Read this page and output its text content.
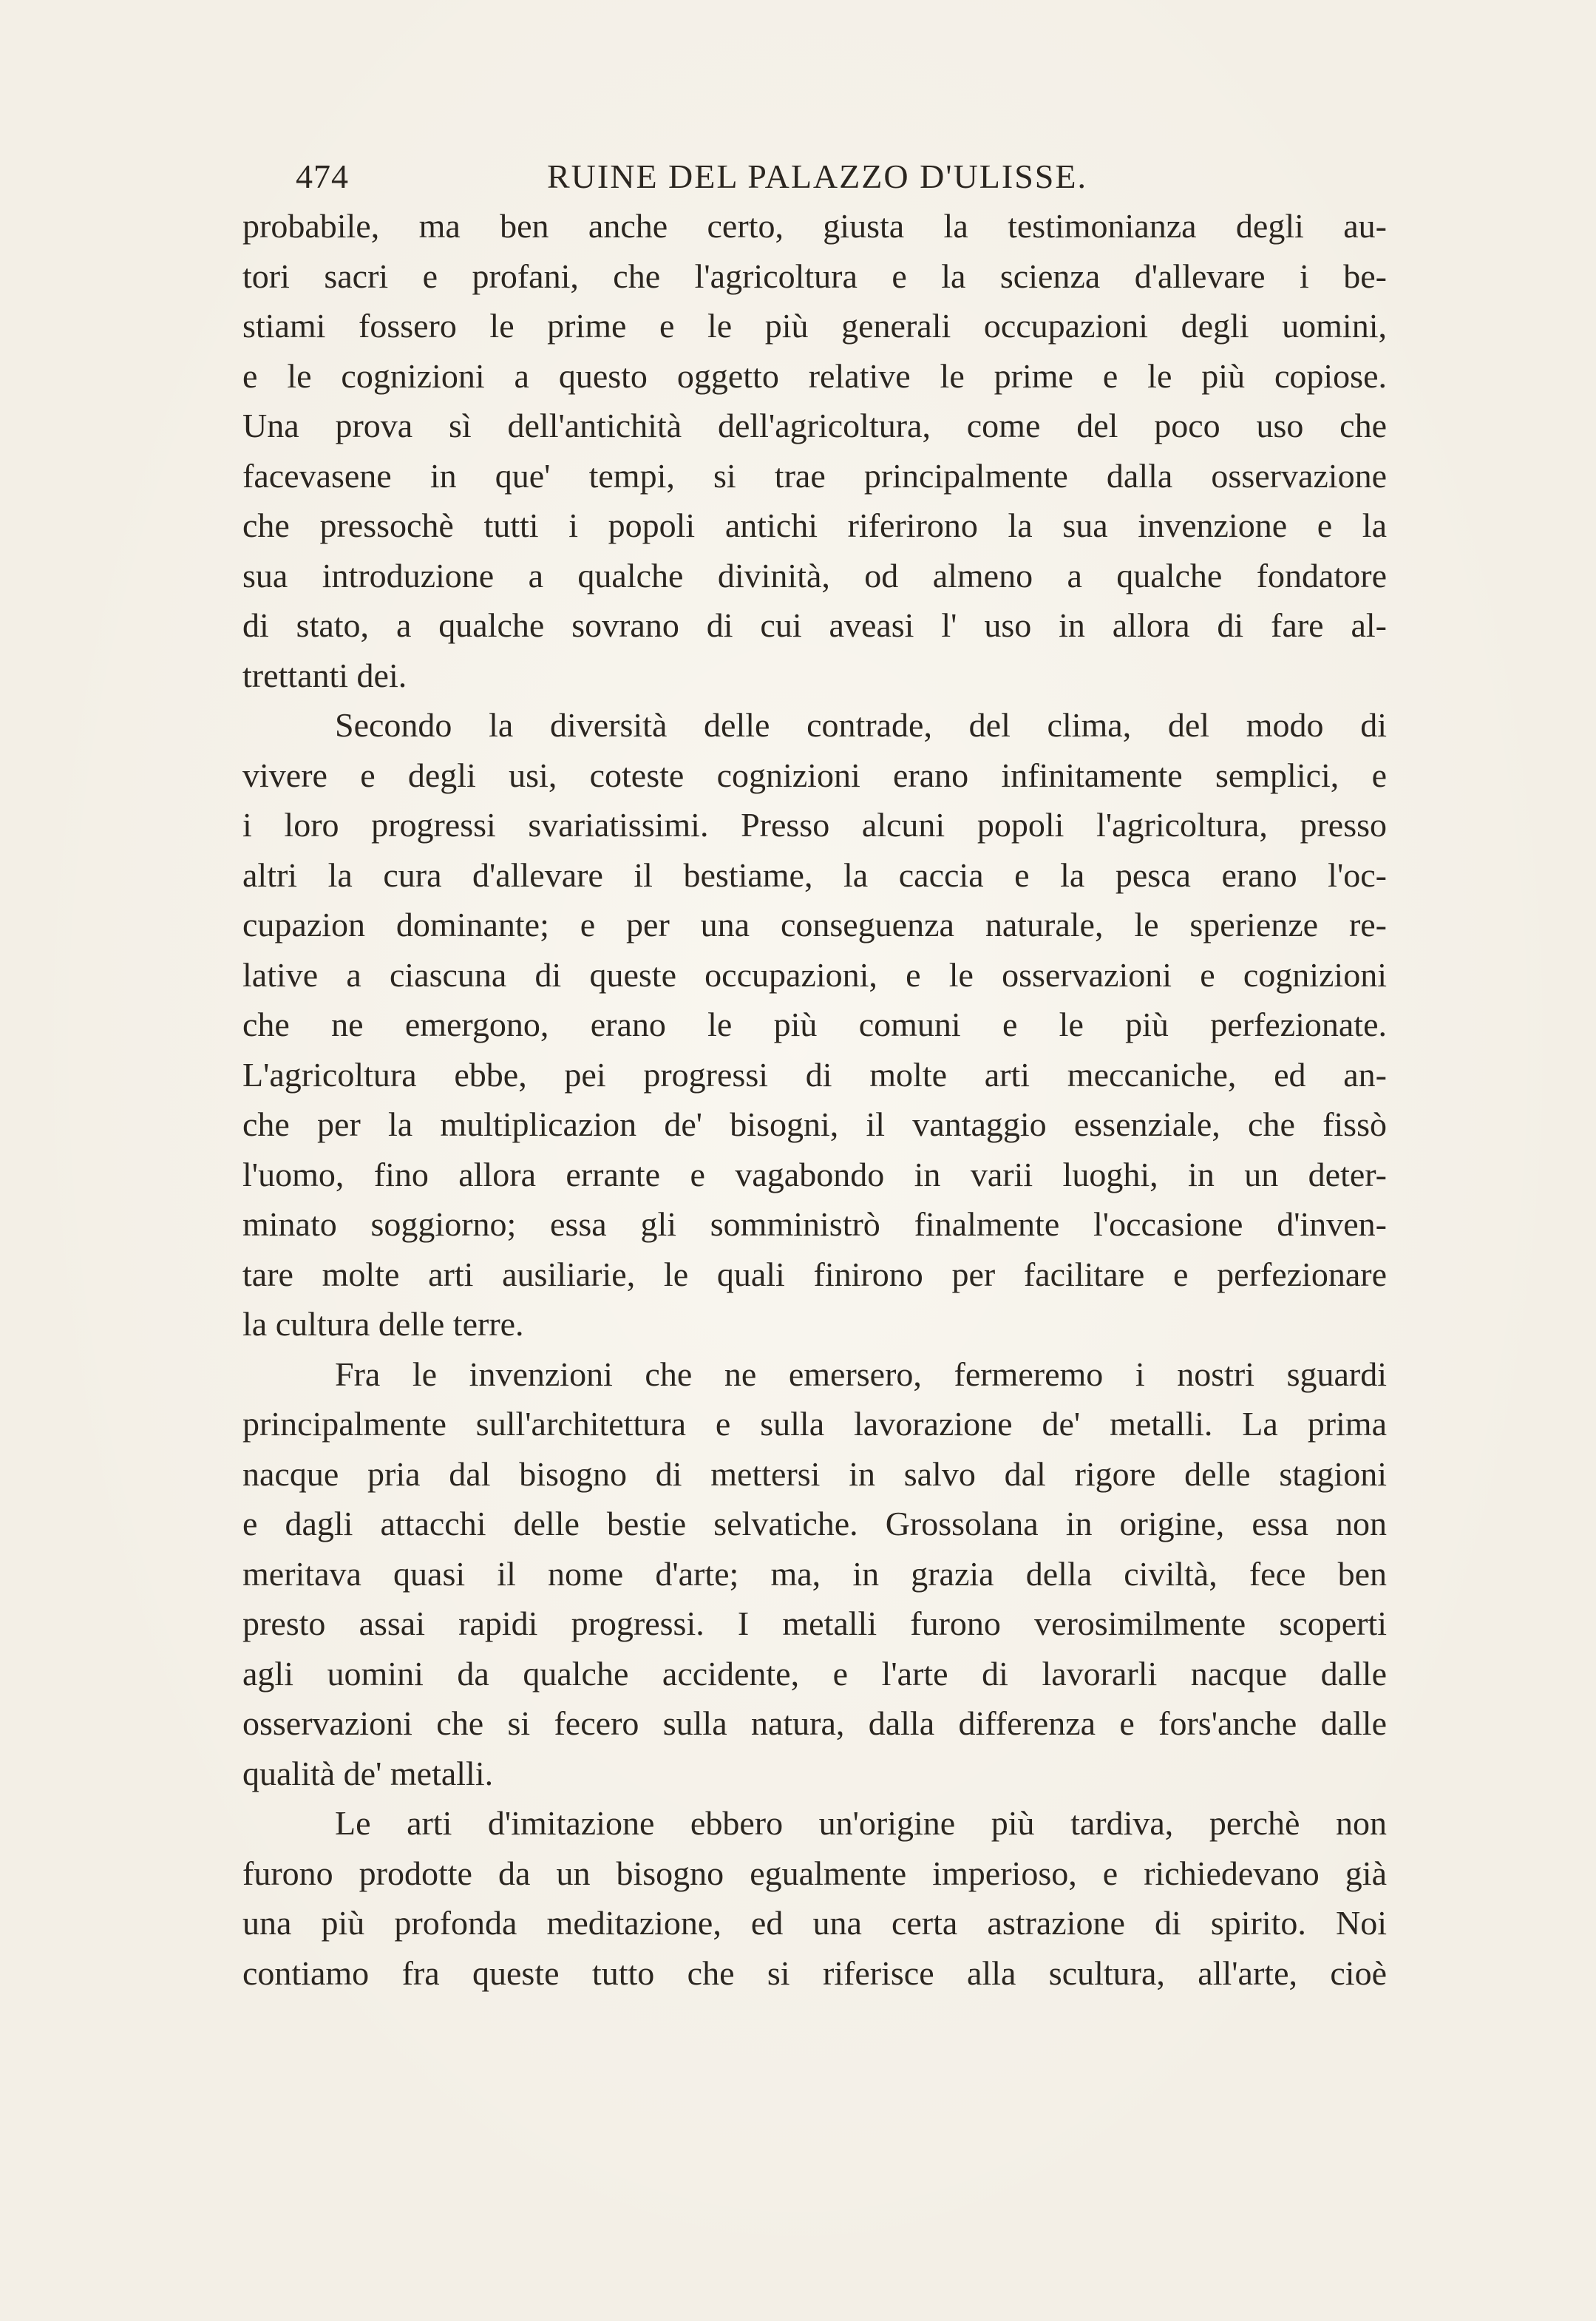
474	RUINE DEL PALAZZO D'ULISSE.
probabile, ma ben anche certo, giusta la testimonianza degli au-
tori sacri e profani, che l'agricoltura e la scienza d'allevare i be-
stiami fossero le prime e le più generali occupazioni degli uomini,
e le cognizioni a questo oggetto relative le prime e le più copiose.
Una prova sì dell'antichità dell'agricoltura, come del poco uso che
facevasene in que' tempi, si trae principalmente dalla osservazione
che pressochè tutti i popoli antichi riferirono la sua invenzione e la
sua introduzione a qualche divinità, od almeno a qualche fondatore
di stato, a qualche sovrano di cui aveasi l' uso in allora di fare al-
trettanti dei.
Secondo la diversità delle contrade, del clima, del modo di
vivere e degli usi, coteste cognizioni erano infinitamente semplici, e
i loro progressi svariatissimi. Presso alcuni popoli l'agricoltura, presso
altri la cura d'allevare il bestiame, la caccia e la pesca erano l'oc-
cupazion dominante; e per una conseguenza naturale, le sperienze re-
lative a ciascuna di queste occupazioni, e le osservazioni e cognizioni
che ne emergono, erano le più comuni e le più perfezionate.
L'agricoltura ebbe, pei progressi di molte arti meccaniche, ed an-
che per la multiplicazion de' bisogni, il vantaggio essenziale, che fissò
l'uomo, fino allora errante e vagabondo in varii luoghi, in un deter-
minato soggiorno; essa gli somministrò finalmente l'occasione d'inven-
tare molte arti ausiliarie, le quali finirono per facilitare e perfezionare
la cultura delle terre.
Fra le invenzioni che ne emersero, fermeremo i nostri sguardi
principalmente sull'architettura e sulla lavorazione de' metalli. La prima
nacque pria dal bisogno di mettersi in salvo dal rigore delle stagioni
e dagli attacchi delle bestie selvatiche. Grossolana in origine, essa non
meritava quasi il nome d'arte; ma, in grazia della civiltà, fece ben
presto assai rapidi progressi. I metalli furono verosimilmente scoperti
agli uomini da qualche accidente, e l'arte di lavorarli nacque dalle
osservazioni che si fecero sulla natura, dalla differenza e fors'anche dalle
qualità de' metalli.
Le arti d'imitazione ebbero un'origine più tardiva, perchè non
furono prodotte da un bisogno egualmente imperioso, e richiedevano già
una più profonda meditazione, ed una certa astrazione di spirito. Noi
contiamo fra queste tutto che si riferisce alla scultura, all'arte, cioè
